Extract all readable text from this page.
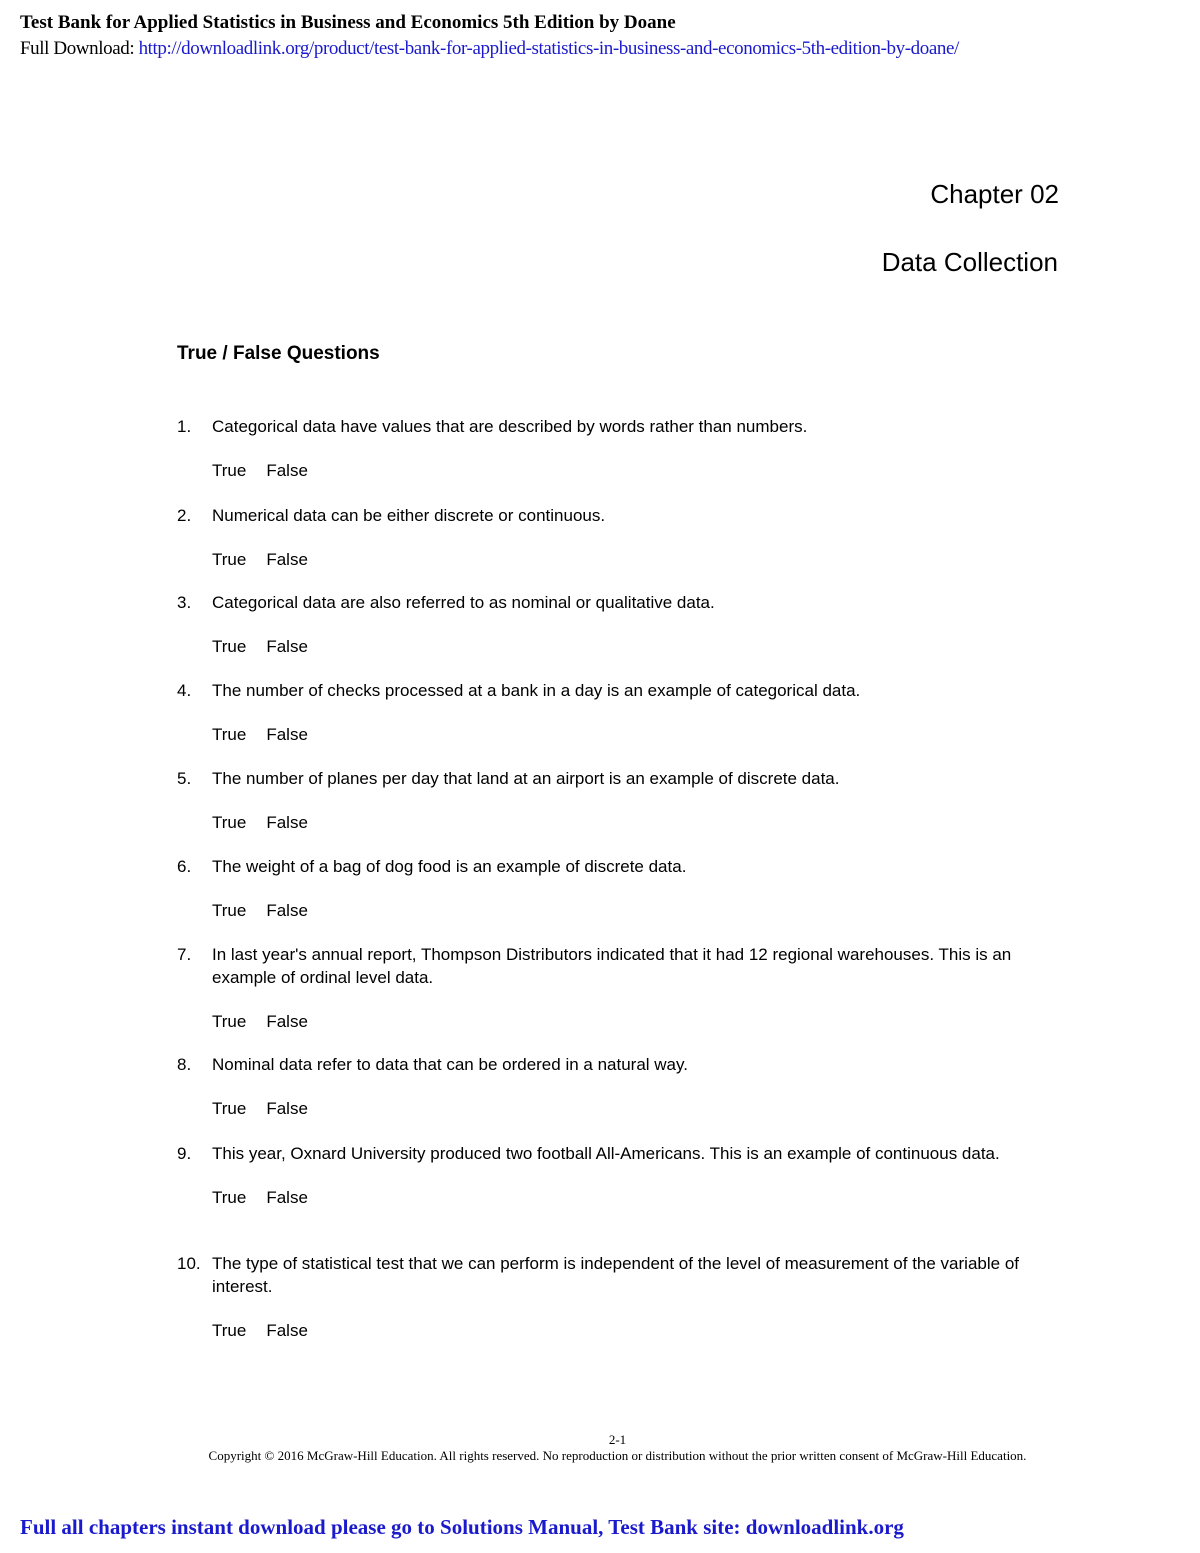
Test Bank for Applied Statistics in Business and Economics 5th Edition by Doane
Full Download: http://downloadlink.org/product/test-bank-for-applied-statistics-in-business-and-economics-5th-edition-by-doane/
Chapter 02
Data Collection
True / False Questions
1. Categorical data have values that are described by words rather than numbers.
True False
2. Numerical data can be either discrete or continuous.
True False
3. Categorical data are also referred to as nominal or qualitative data.
True False
4. The number of checks processed at a bank in a day is an example of categorical data.
True False
5. The number of planes per day that land at an airport is an example of discrete data.
True False
6. The weight of a bag of dog food is an example of discrete data.
True False
7. In last year's annual report, Thompson Distributors indicated that it had 12 regional warehouses. This is an example of ordinal level data.
True False
8. Nominal data refer to data that can be ordered in a natural way.
True False
9. This year, Oxnard University produced two football All-Americans. This is an example of continuous data.
True False
10. The type of statistical test that we can perform is independent of the level of measurement of the variable of interest.
True False
2-1
Copyright © 2016 McGraw-Hill Education. All rights reserved. No reproduction or distribution without the prior written consent of McGraw-Hill Education.
Full all chapters instant download please go to Solutions Manual, Test Bank site: downloadlink.org
